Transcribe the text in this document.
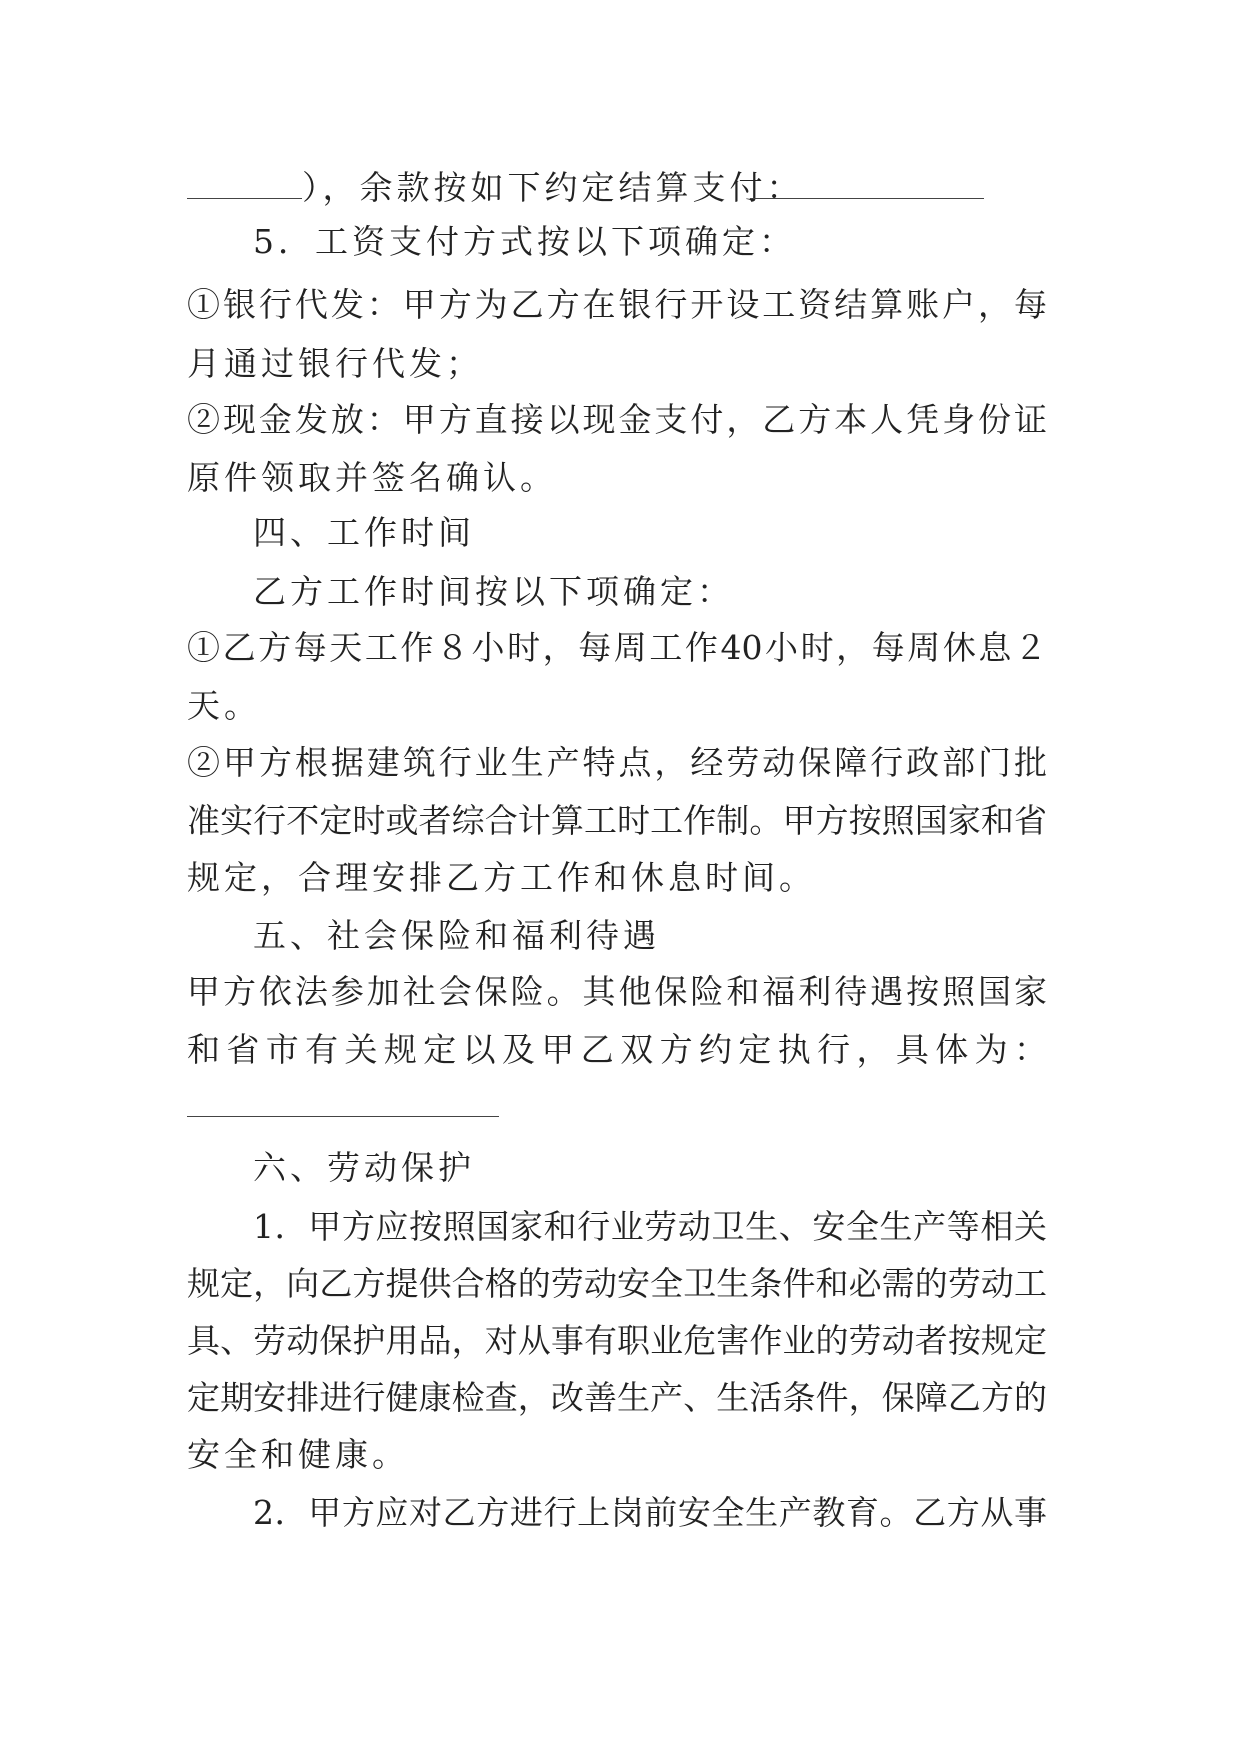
），余款按如下约定结算支付：
5．工资支付方式按以下项确定：
①银行代发：甲方为乙方在银行开设工资结算账户，每
月通过银行代发；
②现金发放：甲方直接以现金支付，乙方本人凭身份证
原件领取并签名确认。
四、工作时间
乙方工作时间按以下项确定：
①乙方每天工作８小时，每周工作40小时，每周休息２
天。
②甲方根据建筑行业生产特点，经劳动保障行政部门批
准实行不定时或者综合计算工时工作制。甲方按照国家和省
规定，合理安排乙方工作和休息时间。
五、社会保险和福利待遇
甲方依法参加社会保险。其他保险和福利待遇按照国家
和省市有关规定以及甲乙双方约定执行，具体为：
六、劳动保护
1．甲方应按照国家和行业劳动卫生、安全生产等相关
规定，向乙方提供合格的劳动安全卫生条件和必需的劳动工
具、劳动保护用品，对从事有职业危害作业的劳动者按规定
定期安排进行健康检查，改善生产、生活条件，保障乙方的
安全和健康。
2．甲方应对乙方进行上岗前安全生产教育。乙方从事
